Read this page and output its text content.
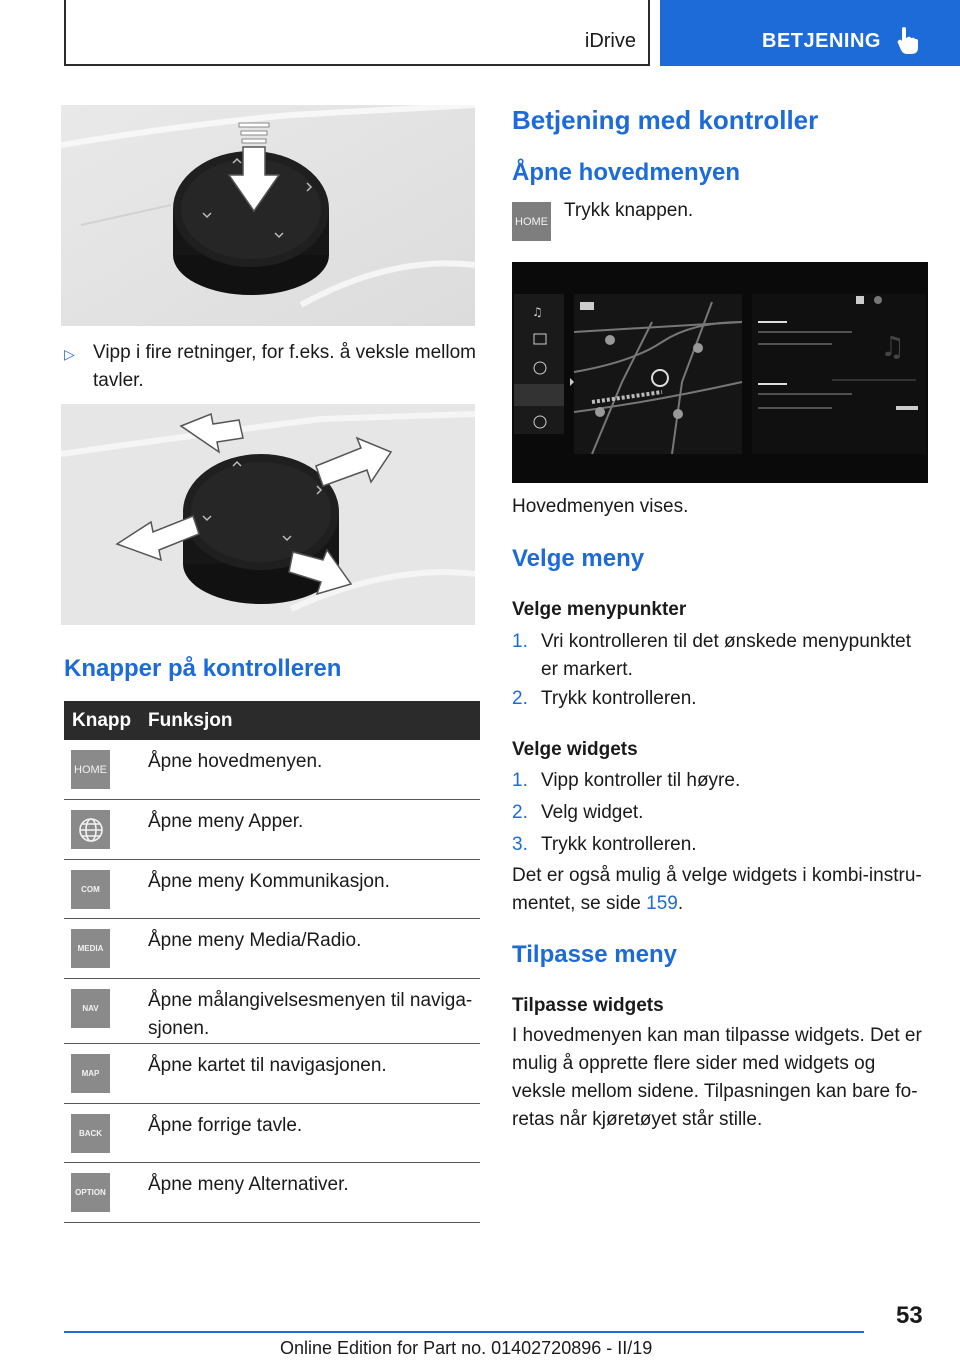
iDrive	BETJENING
▷ Vipp i fire retninger, for f.eks. å veksle mellom
tavler.
Knapper på kontrolleren
Knapp Funksjon
HOME Åpne hovedmenyen.
Åpne meny Apper.
COM	Åpne meny Kommunikasjon.
MEDIA	Åpne meny Media/Radio.
NAV	Åpne målangivelsesmenyen til naviga-
sjonen.
MAP	Åpne kartet til navigasjonen.
BACK	Åpne forrige tavle.
OPTION Åpne meny Alternativer.
Betjening med kontroller
Åpne hovedmenyen
HOME
Trykk knappen.
♫
♫
Hovedmenyen vises.
Velge meny
Velge menypunkter
1. Vri kontrolleren til det ønskede menypunktet
er markert.
2. Trykk kontrolleren.
Velge widgets
1. Vipp kontroller til høyre.
2. Velg widget.
3. Trykk kontrolleren.
Det er også mulig å velge widgets i kombi-instru-
mentet, se side 159.
Tilpasse meny
Tilpasse widgets
I hovedmenyen kan man tilpasse widgets. Det er
mulig å opprette flere sider med widgets og
veksle mellom sidene. Tilpasningen kan bare fo-
retas når kjøretøyet står stille.
53
Online Edition for Part no. 01402720896 - II/19
